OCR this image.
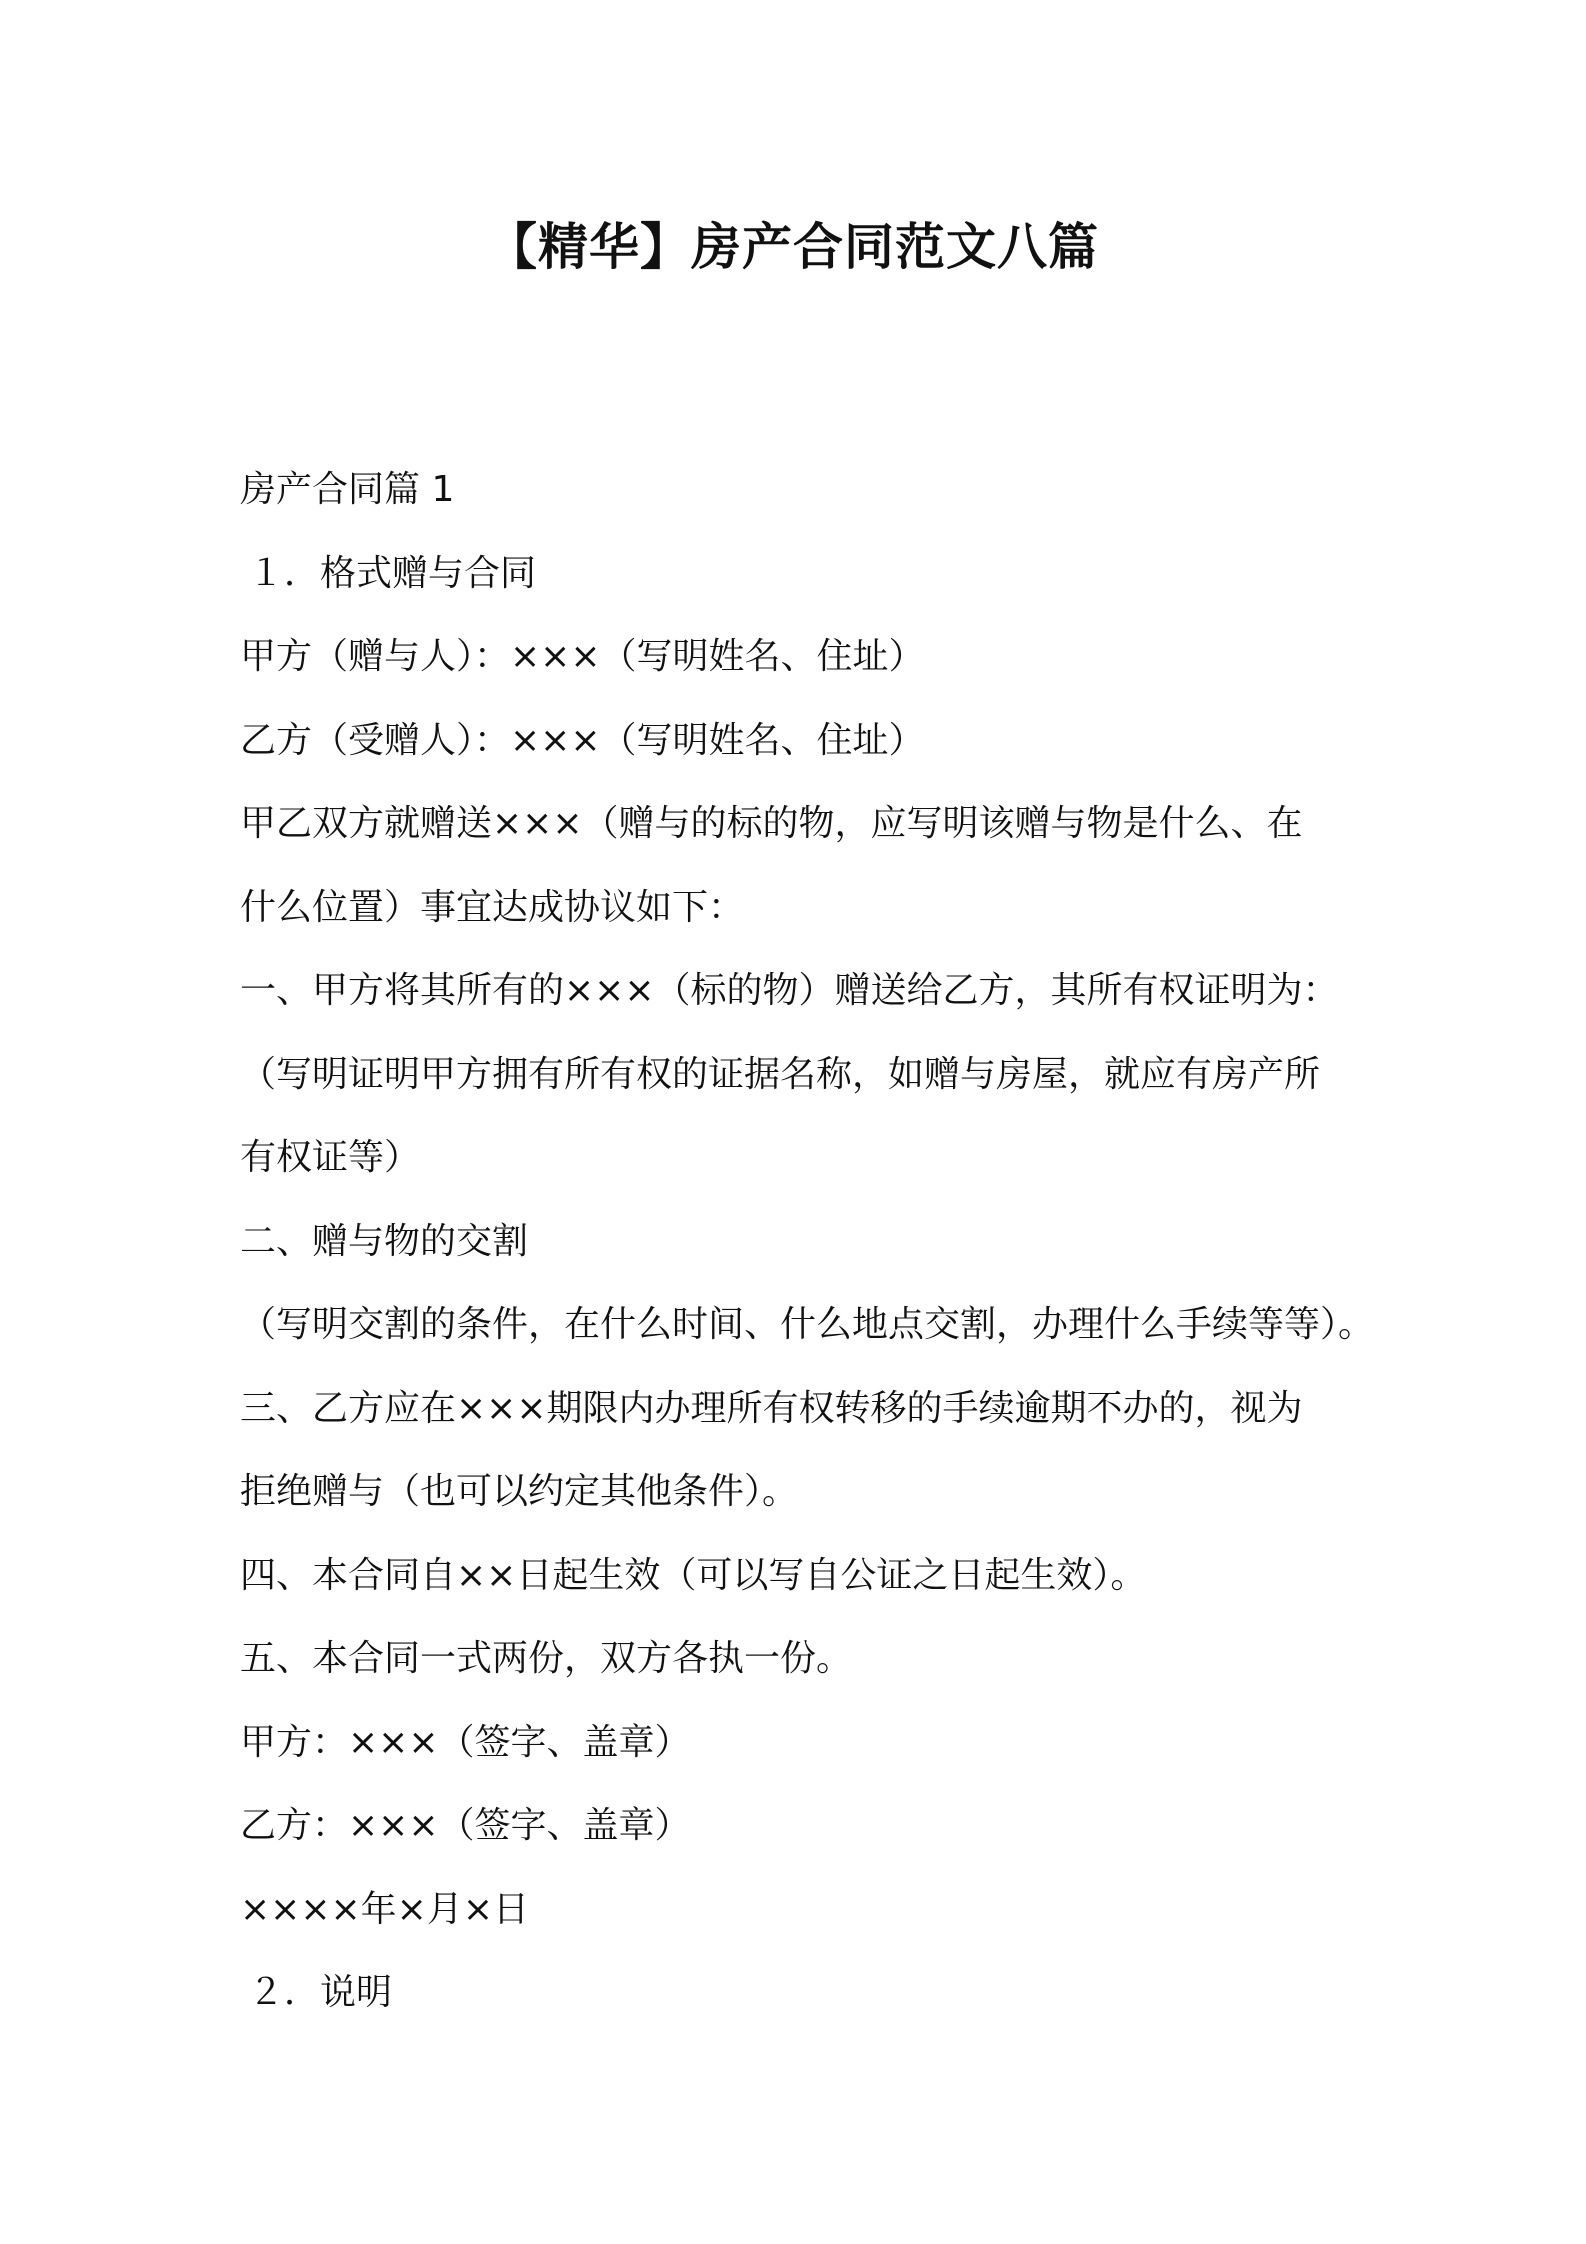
【精华】房产合同范文八篇

房产合同篇 1

１．格式赠与合同

甲方（赠与人）：×××（写明姓名、住址）

乙方（受赠人）：×××（写明姓名、住址）

甲乙双方就赠送×××（赠与的标的物，应写明该赠与物是什么、在

什么位置）事宜达成协议如下：

一、甲方将其所有的×××（标的物）赠送给乙方，其所有权证明为：

（写明证明甲方拥有所有权的证据名称，如赠与房屋，就应有房产所

有权证等）

二、赠与物的交割

（写明交割的条件，在什么时间、什么地点交割，办理什么手续等等）。

三、乙方应在×××期限内办理所有权转移的手续逾期不办的，视为

拒绝赠与（也可以约定其他条件）。

四、本合同自××日起生效（可以写自公证之日起生效）。

五、本合同一式两份，双方各执一份。

甲方：×××（签字、盖章）

乙方：×××（签字、盖章）

××××年×月×日

２．说明
